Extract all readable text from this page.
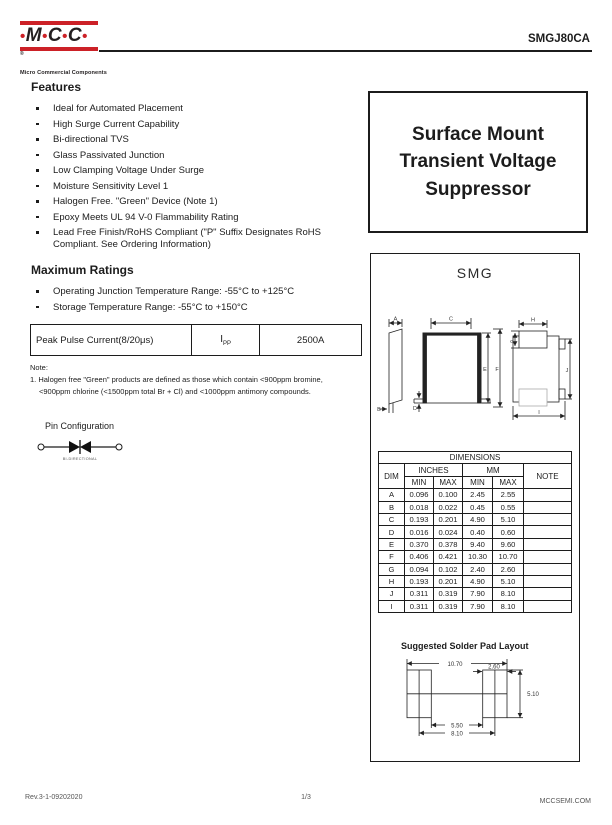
•M•C•C•
®
Micro Commercial Components
SMGJ80CA
Features
Ideal for Automated Placement
High Surge Current Capability
Bi-directional TVS
Glass Passivated Junction
Low Clamping Voltage Under Surge
Moisture Sensitivity Level 1
Halogen Free. "Green" Device (Note 1)
Epoxy Meets UL 94 V-0 Flammability Rating
Lead Free Finish/RoHS Compliant ("P" Suffix Designates RoHS Compliant. See Ordering Information)
Maximum Ratings
Operating Junction Temperature Range: -55°C to +125°C
Storage Temperature Range: -55°C to +150°C
Peak Pulse Current(8/20μs)	$I_{PP}$	2500A
Note:
1. Halogen free "Green" products are defined as those which contain <900ppm bromine,
<900ppm chlorine (<1500ppm total Br + Cl) and <1000ppm antimony compounds.
Pin Configuration
BI-DIRECTIONAL
Surface Mount
Transient Voltage
Suppressor
SMG
A
B
C
D
E F
G
H
I
J
DIMENSIONS					
DIM	INCHES		MM		NOTE
	MIN	MAX	MIN	MAX	
A	0.096	0.100	2.45	2.55	
B	0.018	0.022	0.45	0.55	
C	0.193	0.201	4.90	5.10	
D	0.016	0.024	0.40	0.60	
E	0.370	0.378	9.40	9.60	
F	0.406	0.421	10.30	10.70	
G	0.094	0.102	2.40	2.60	
H	0.193	0.201	4.90	5.10	
J	0.311	0.319	7.90	8.10	
I	0.311	0.319	7.90	8.10	
Suggested Solder Pad Layout
10.70	2.60
5.10
5.50
8.10
Rev.3-1-09202020	1/3
MCCSEMI.COM
